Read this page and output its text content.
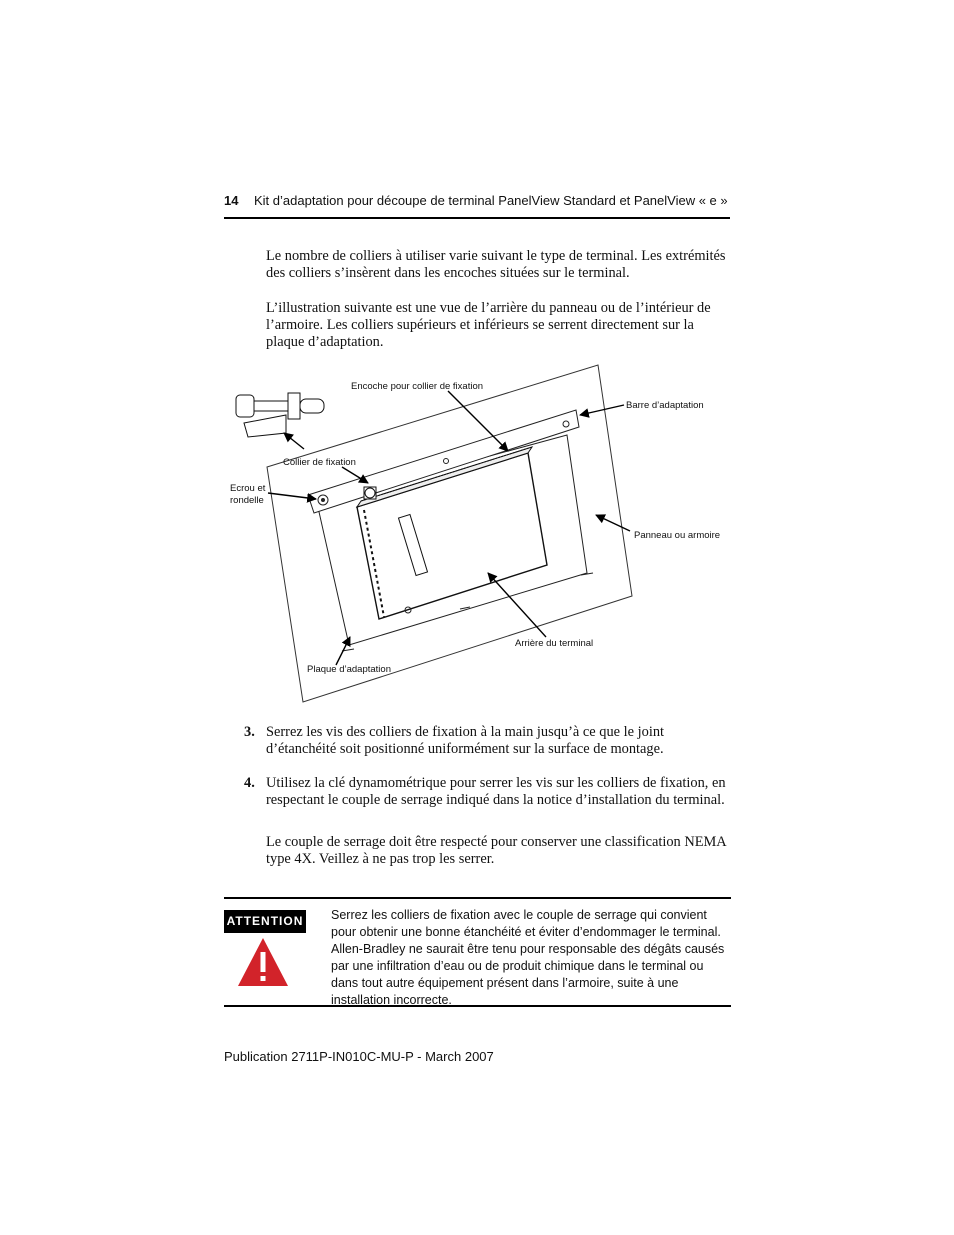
14 Kit d’adaptation pour découpe de terminal PanelView Standard et PanelView « e »

Le nombre de colliers à utiliser varie suivant le type de terminal. Les extrémités des colliers s’insèrent dans les encoches situées sur le terminal.

L’illustration suivante est une vue de l’arrière du panneau ou de l’intérieur de l’armoire. Les colliers supérieurs et inférieurs se serrent directement sur la plaque d’adaptation.

Encoche pour collier de fixation
Barre d’adaptation
Collier de fixation
Ecrou et
rondelle
Panneau ou armoire
Arrière du terminal
Plaque d’adaptation
3. Serrez les vis des colliers de fixation à la main jusqu’à ce que le joint d’étanchéité soit positionné uniformément sur la surface de montage.

4. Utilisez la clé dynamométrique pour serrer les vis sur les colliers de fixation, en respectant le couple de serrage indiqué dans la notice d’installation du terminal.

Le couple de serrage doit être respecté pour conserver une classification NEMA type 4X. Veillez à ne pas trop les serrer.

ATTENTION Serrez les colliers de fixation avec le couple de serrage qui convient pour obtenir une bonne étanchéité et éviter d’endommager le terminal. Allen-Bradley ne saurait être tenu pour responsable des dégâts causés par une infiltration d’eau ou de produit chimique dans le terminal ou dans tout autre équipement présent dans l’armoire, suite à une installation incorrecte.

Publication 2711P-IN010C-MU-P - March 2007
